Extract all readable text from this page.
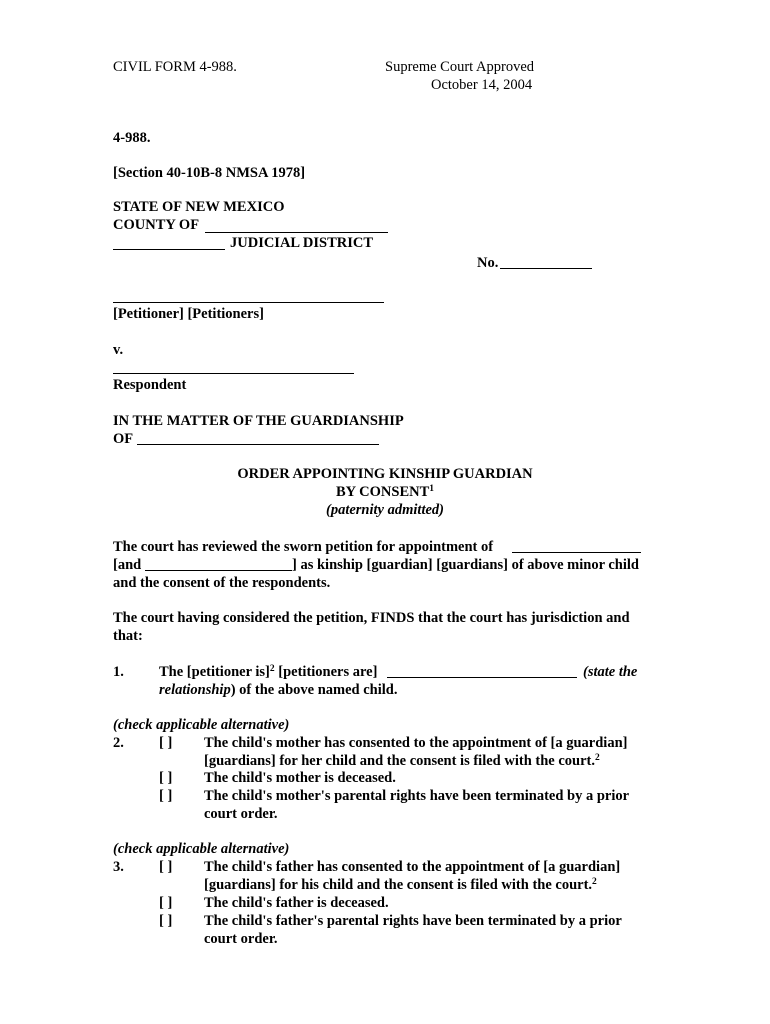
CIVIL FORM 4-988.	Supreme Court Approved
October 14, 2004
4-988.
[Section 40-10B-8 NMSA 1978]
STATE OF NEW MEXICO
COUNTY OF
JUDICIAL DISTRICT
No.
[Petitioner] [Petitioners]
v.
Respondent
IN THE MATTER OF THE GUARDIANSHIP
OF
ORDER APPOINTING KINSHIP GUARDIAN
BY CONSENT$^1$
(paternity admitted)
The court has reviewed the sworn petition for appointment of
[and	] as kinship [guardian] [guardians] of above minor child
and the consent of the respondents.
The court having considered the petition, FINDS that the court has jurisdiction and
that:
1. The [petitioner is]$^2$ [petitioners are]	(state the
relationship) of the above named child.
(check applicable alternative)
2. [ ] The child's mother has consented to the appointment of [a guardian]
[guardians] for her child and the consent is filed with the court.$^2$
[ ] The child's mother is deceased.
[ ] The child's mother's parental rights have been terminated by a prior
court order.
(check applicable alternative)
3. [ ] The child's father has consented to the appointment of [a guardian]
[guardians] for his child and the consent is filed with the court.$^2$
[ ] The child's father is deceased.
[ ] The child's father's parental rights have been terminated by a prior
court order.
